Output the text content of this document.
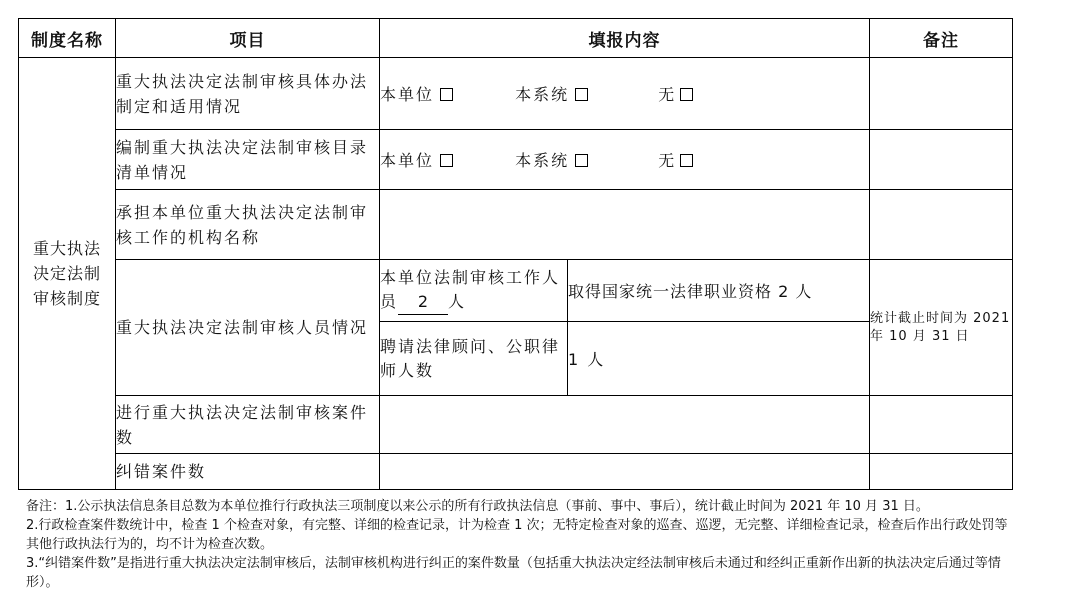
制度名称	项目	填报内容		备注

重大执法决定法制审核制度	重大执法决定法制审核具体办法制定和适用情况	本单位 本系统 无		
	编制重大执法决定法制审核目录清单情况	本单位 本系统 无		
	承担本单位重大执法决定法制审核工作的机构名称			
	重大执法决定法制审核人员情况	本单位法制审核工作人员 2 人	取得国家统一法律职业资格 2 人	统计截止时间为 2021 年 10 月 31 日
		聘请法律顾问、公职律师人数	1 人	
	进行重大执法决定法制审核案件数			
	纠错案件数			

备注：1.公示执法信息条目总数为本单位推行行政执法三项制度以来公示的所有行政执法信息（事前、事中、事后），统计截止时间为 2021 年 10 月 31 日。

2.行政检查案件数统计中，检查 1 个检查对象，有完整、详细的检查记录，计为检查 1 次；无特定检查对象的巡查、巡逻，无完整、详细检查记录，检查后作出行政处罚等其他行政执法行为的，均不计为检查次数。

3.“纠错案件数”是指进行重大执法决定法制审核后，法制审核机构进行纠正的案件数量（包括重大执法决定经法制审核后未通过和经纠正重新作出新的执法决定后通过等情形）。
